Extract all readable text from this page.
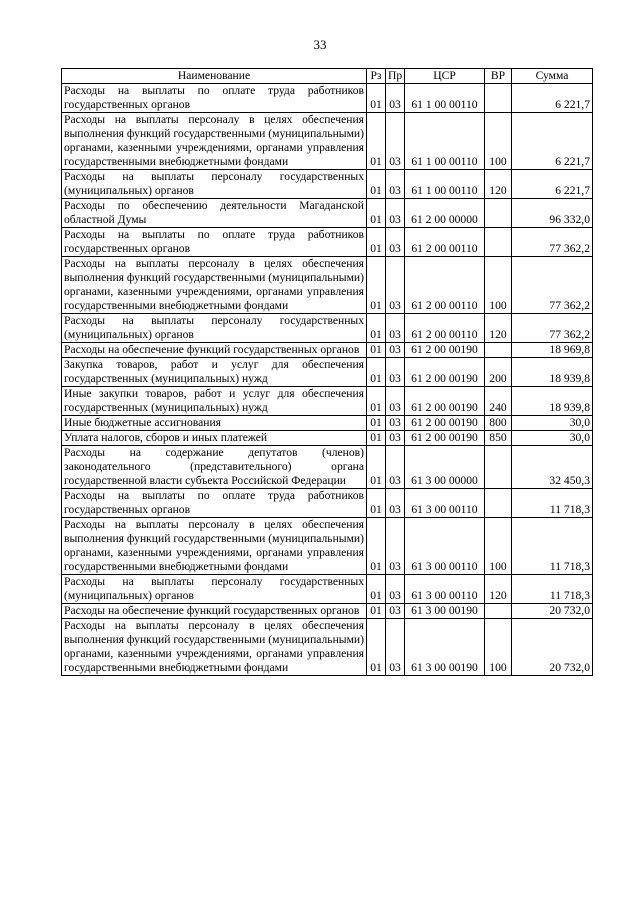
33
Наименование	Рз	Пр	ЦСР	ВР	Сумма
Расходы на выплаты по оплате труда работников государственных органов	01	03	61 1 00 00110		6 221,7
Расходы на выплаты персоналу в целях обеспечения выполнения функций государственными (муниципальными) органами, казенными учреждениями, органами управления государственными внебюджетными фондами	01	03	61 1 00 00110	100	6 221,7
Расходы на выплаты персоналу государственных (муниципальных) органов	01	03	61 1 00 00110	120	6 221,7
Расходы по обеспечению деятельности Магаданской областной Думы	01	03	61 2 00 00000		96 332,0
Расходы на выплаты по оплате труда работников государственных органов	01	03	61 2 00 00110		77 362,2
Расходы на выплаты персоналу в целях обеспечения выполнения функций государственными (муниципальными) органами, казенными учреждениями, органами управления государственными внебюджетными фондами	01	03	61 2 00 00110	100	77 362,2
Расходы на выплаты персоналу государственных (муниципальных) органов	01	03	61 2 00 00110	120	77 362,2
Расходы на обеспечение функций государственных органов	01	03	61 2 00 00190		18 969,8
Закупка товаров, работ и услуг для обеспечения государственных (муниципальных) нужд	01	03	61 2 00 00190	200	18 939,8
Иные закупки товаров, работ и услуг для обеспечения государственных (муниципальных) нужд	01	03	61 2 00 00190	240	18 939,8
Иные бюджетные ассигнования	01	03	61 2 00 00190	800	30,0
Уплата налогов, сборов и иных платежей	01	03	61 2 00 00190	850	30,0
Расходы на содержание депутатов (членов) законодательного (представительного) органа государственной власти субъекта Российской Федерации	01	03	61 3 00 00000		32 450,3
Расходы на выплаты по оплате труда работников государственных органов	01	03	61 3 00 00110		11 718,3
Расходы на выплаты персоналу в целях обеспечения выполнения функций государственными (муниципальными) органами, казенными учреждениями, органами управления государственными внебюджетными фондами	01	03	61 3 00 00110	100	11 718,3
Расходы на выплаты персоналу государственных (муниципальных) органов	01	03	61 3 00 00110	120	11 718,3
Расходы на обеспечение функций государственных органов	01	03	61 3 00 00190		20 732,0
Расходы на выплаты персоналу в целях обеспечения выполнения функций государственными (муниципальными) органами, казенными учреждениями, органами управления государственными внебюджетными фондами	01	03	61 3 00 00190	100	20 732,0
